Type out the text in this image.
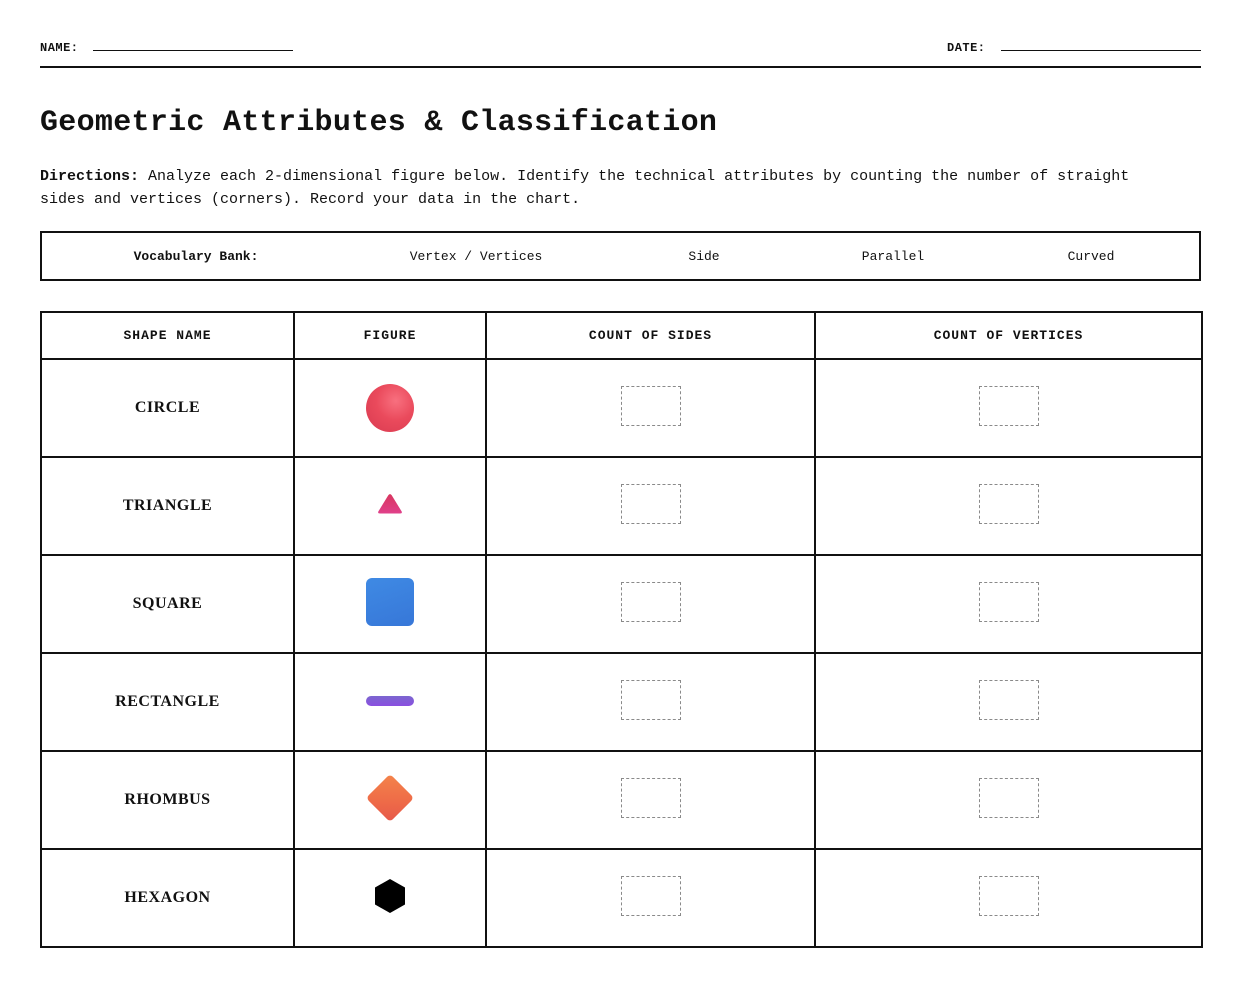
NAME:	DATE:
Geometric Attributes & Classification
Directions: Analyze each 2-dimensional figure below. Identify the technical attributes by counting the number of straight sides and vertices (corners). Record your data in the chart.
Vocabulary Bank:	Vertex / Vertices	Side	Parallel	Curved
SHAPE NAME	FIGURE	COUNT OF SIDES	COUNT OF VERTICES
CIRCLE			
TRIANGLE			
SQUARE			
RECTANGLE			
RHOMBUS			
HEXAGON			
